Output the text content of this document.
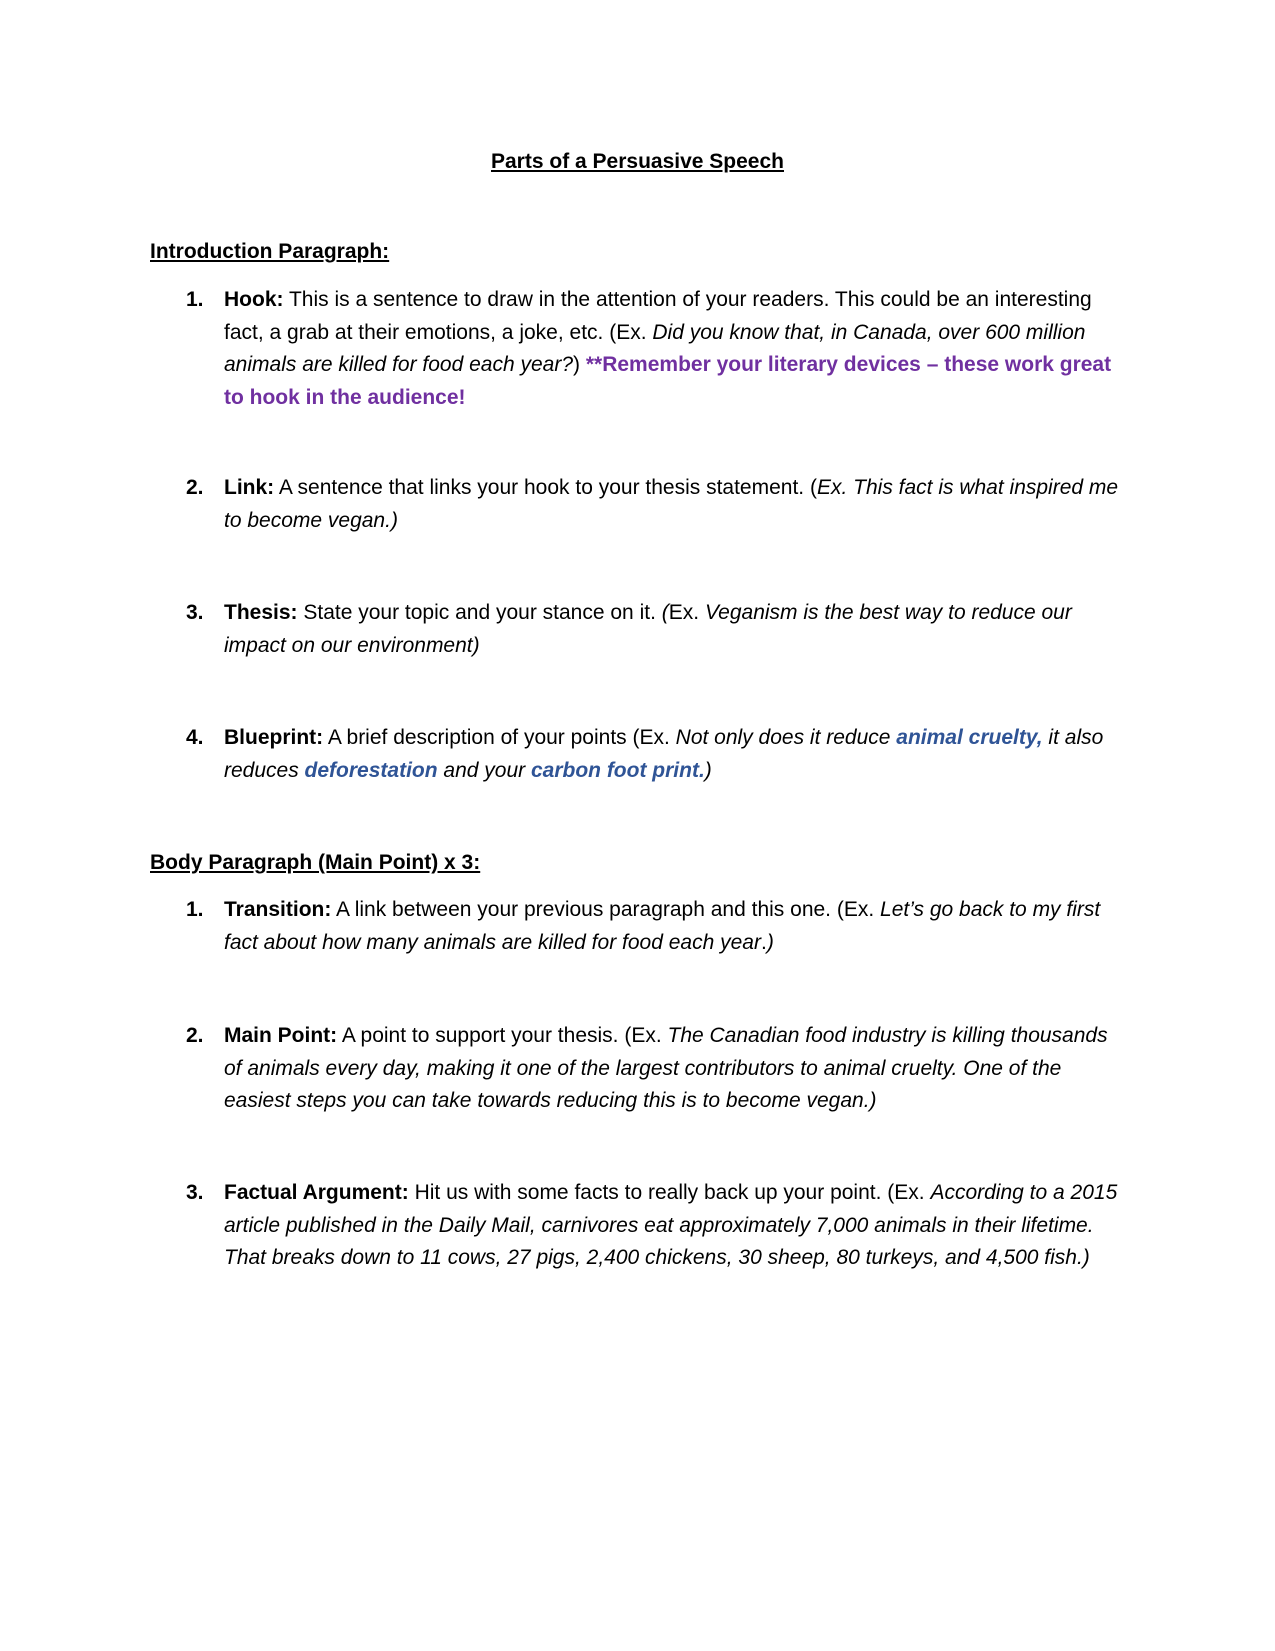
Parts of a Persuasive Speech
Introduction Paragraph:
1. Hook: This is a sentence to draw in the attention of your readers. This could be an interesting fact, a grab at their emotions, a joke, etc. (Ex. Did you know that, in Canada, over 600 million animals are killed for food each year?) **Remember your literary devices – these work great to hook in the audience!
2. Link: A sentence that links your hook to your thesis statement. (Ex. This fact is what inspired me to become vegan.)
3. Thesis: State your topic and your stance on it. (Ex. Veganism is the best way to reduce our impact on our environment)
4. Blueprint: A brief description of your points (Ex. Not only does it reduce animal cruelty, it also reduces deforestation and your carbon foot print.)
Body Paragraph (Main Point) x 3:
1. Transition: A link between your previous paragraph and this one. (Ex. Let’s go back to my first fact about how many animals are killed for food each year.)
2. Main Point: A point to support your thesis. (Ex. The Canadian food industry is killing thousands of animals every day, making it one of the largest contributors to animal cruelty. One of the easiest steps you can take towards reducing this is to become vegan.)
3. Factual Argument: Hit us with some facts to really back up your point. (Ex. According to a 2015 article published in the Daily Mail, carnivores eat approximately 7,000 animals in their lifetime. That breaks down to 11 cows, 27 pigs, 2,400 chickens, 30 sheep, 80 turkeys, and 4,500 fish.)
